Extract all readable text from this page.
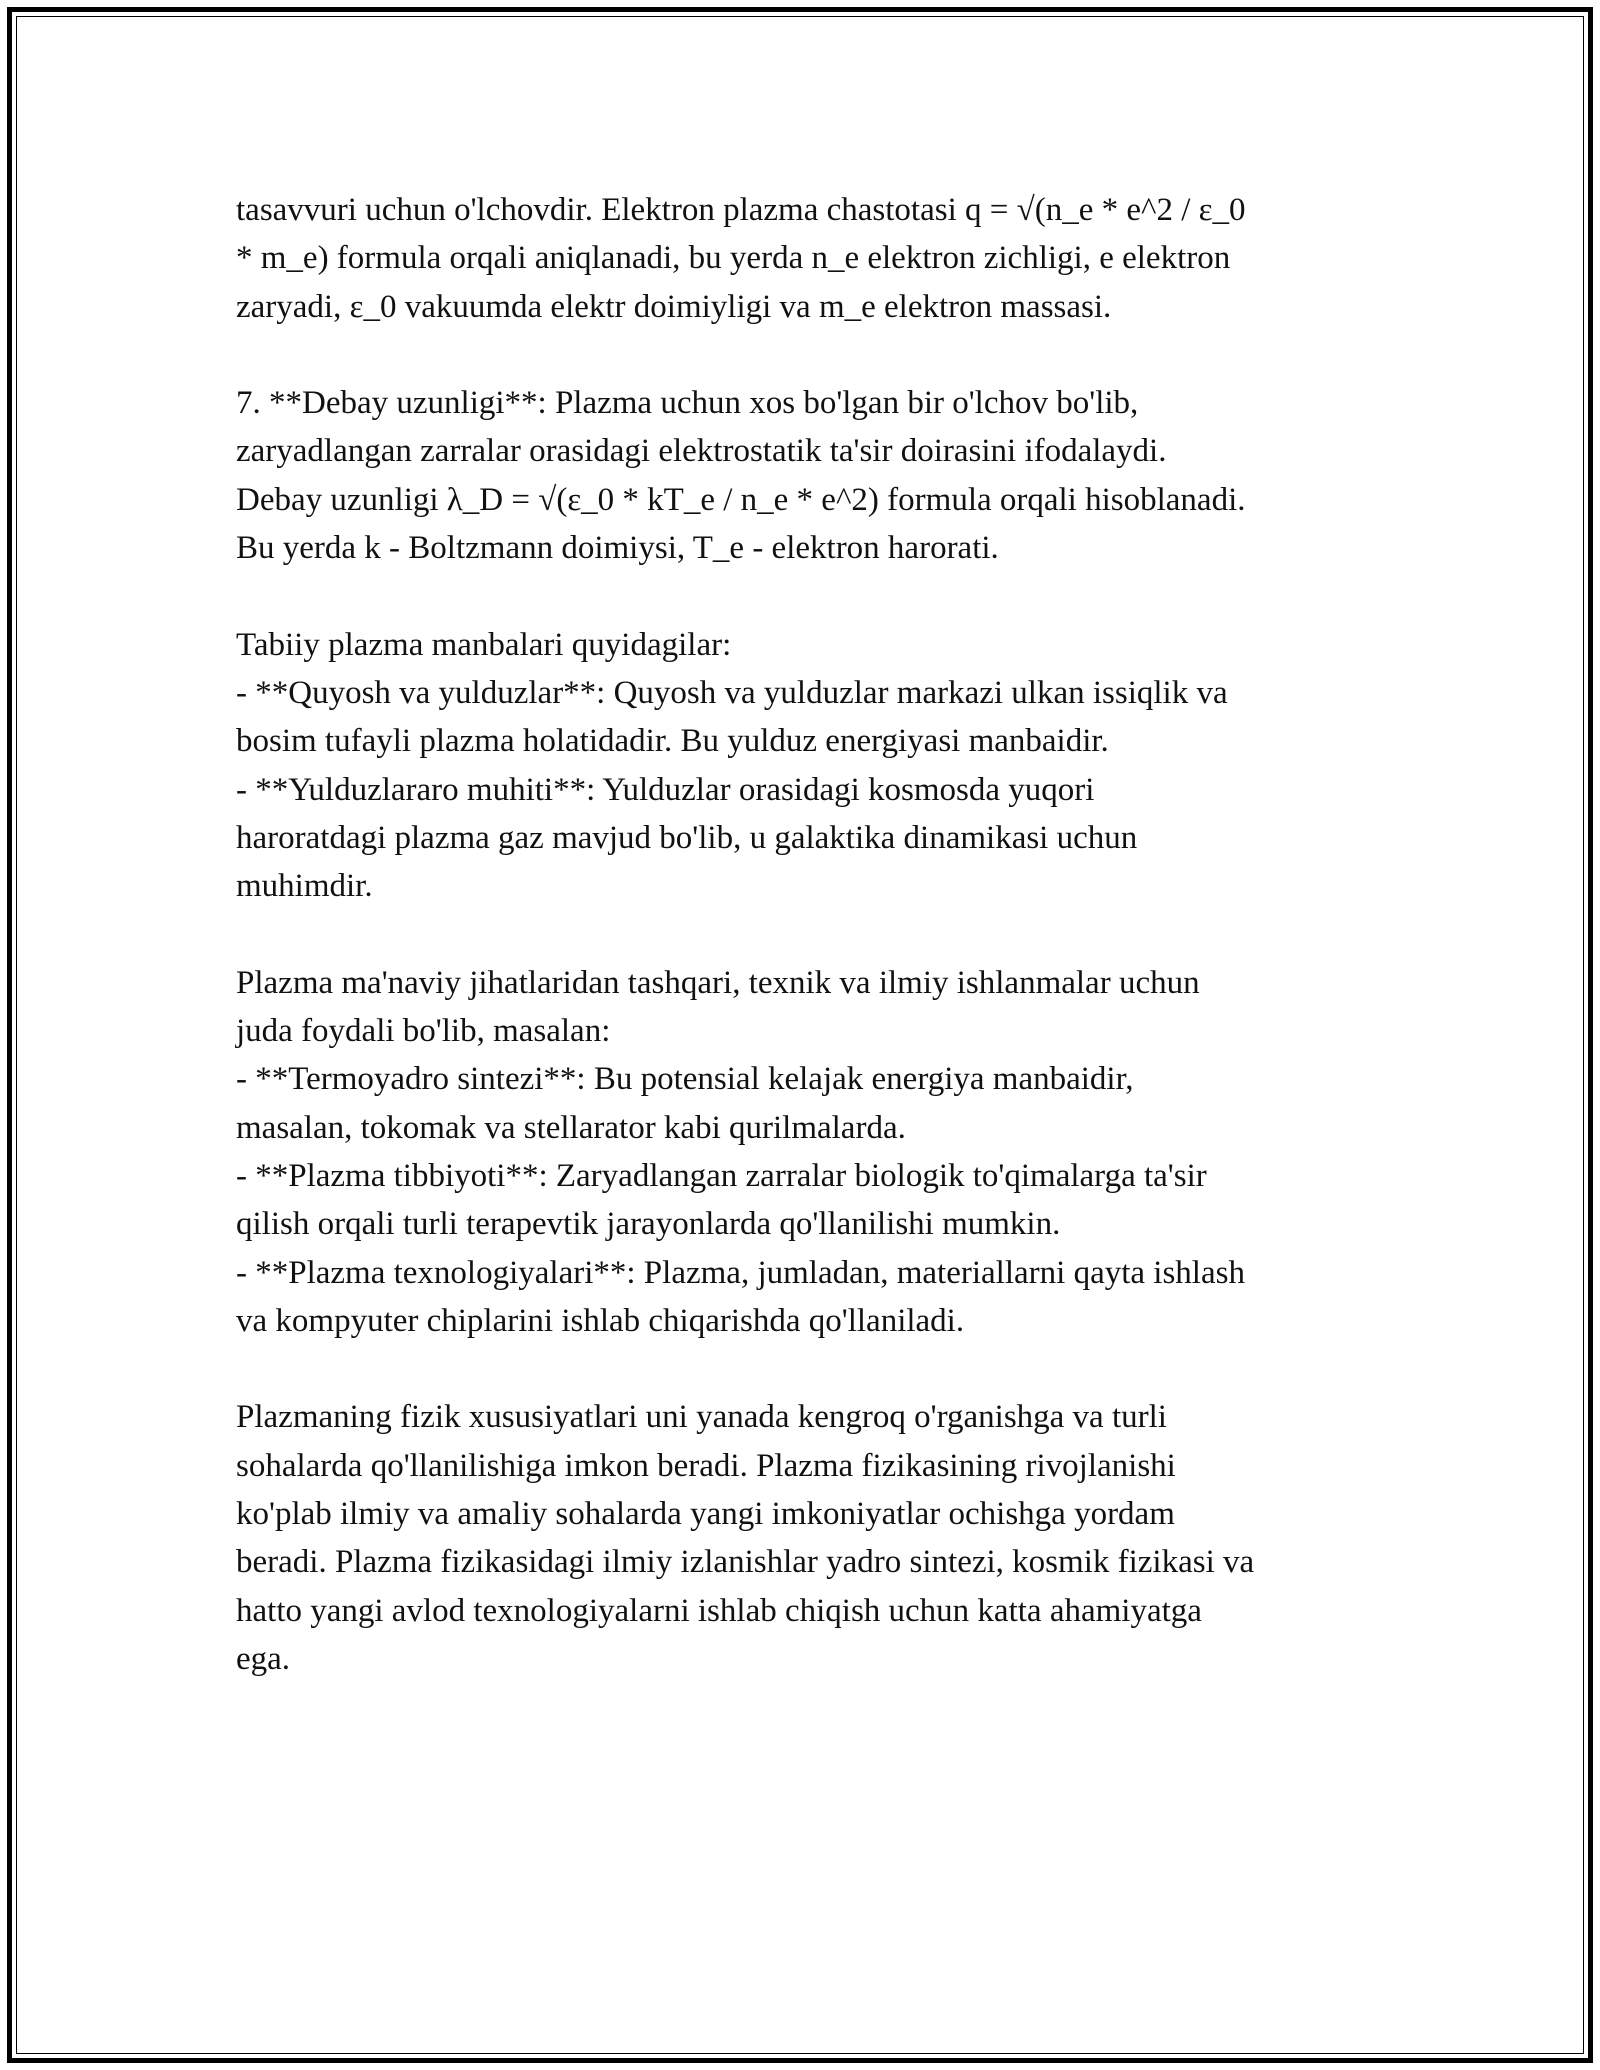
tasavvuri uchun o'lchovdir. Elektron plazma chastotasi q = √(n_e * e^2 / ε_0
* m_e) formula orqali aniqlanadi, bu yerda n_e elektron zichligi, e elektron
zaryadi, ε_0 vakuumda elektr doimiyligi va m_e elektron massasi.
7. **Debay uzunligi**: Plazma uchun xos bo'lgan bir o'lchov bo'lib,
zaryadlangan zarralar orasidagi elektrostatik ta'sir doirasini ifodalaydi.
Debay uzunligi λ_D = √(ε_0 * kT_e / n_e * e^2) formula orqali hisoblanadi.
Bu yerda k - Boltzmann doimiysi, T_e - elektron harorati.
Tabiiy plazma manbalari quyidagilar:
- **Quyosh va yulduzlar**: Quyosh va yulduzlar markazi ulkan issiqlik va
bosim tufayli plazma holatidadir. Bu yulduz energiyasi manbaidir.
- **Yulduzlararo muhiti**: Yulduzlar orasidagi kosmosda yuqori
haroratdagi plazma gaz mavjud bo'lib, u galaktika dinamikasi uchun
muhimdir.
Plazma ma'naviy jihatlaridan tashqari, texnik va ilmiy ishlanmalar uchun
juda foydali bo'lib, masalan:
- **Termoyadro sintezi**: Bu potensial kelajak energiya manbaidir,
masalan, tokomak va stellarator kabi qurilmalarda.
- **Plazma tibbiyoti**: Zaryadlangan zarralar biologik to'qimalarga ta'sir
qilish orqali turli terapevtik jarayonlarda qo'llanilishi mumkin.
- **Plazma texnologiyalari**: Plazma, jumladan, materiallarni qayta ishlash
va kompyuter chiplarini ishlab chiqarishda qo'llaniladi.
Plazmaning fizik xususiyatlari uni yanada kengroq o'rganishga va turli
sohalarda qo'llanilishiga imkon beradi. Plazma fizikasining rivojlanishi
ko'plab ilmiy va amaliy sohalarda yangi imkoniyatlar ochishga yordam
beradi. Plazma fizikasidagi ilmiy izlanishlar yadro sintezi, kosmik fizikasi va
hatto yangi avlod texnologiyalarni ishlab chiqish uchun katta ahamiyatga
ega.
